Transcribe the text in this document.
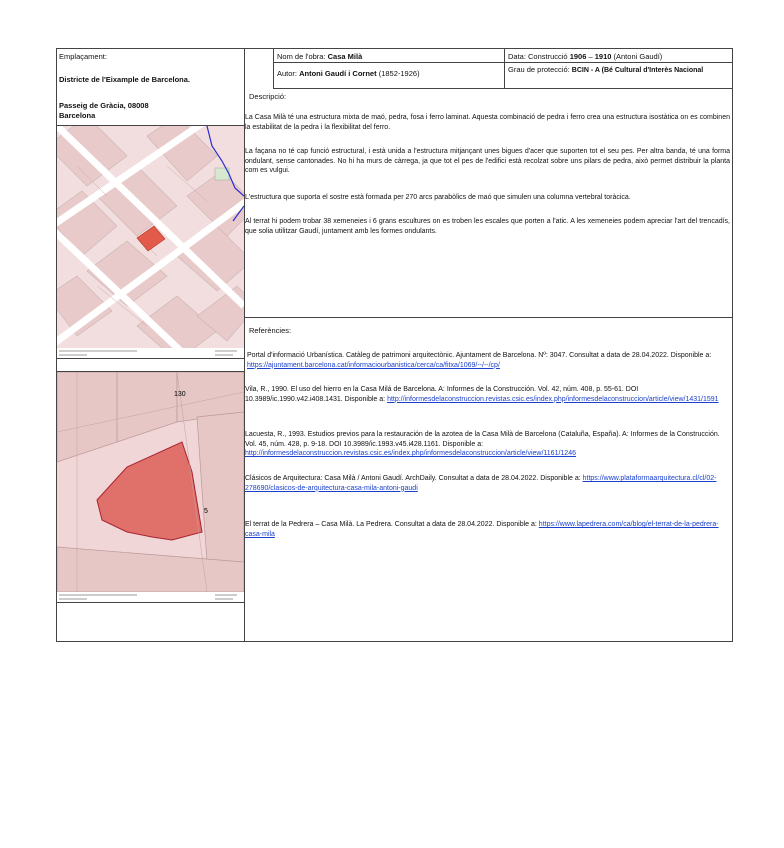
Emplaçament:
Districte de l'Eixample de Barcelona.
Passeig de Gràcia, 08008
Barcelona
130
5
Nom de l'obra: Casa Milà	Data: Construcció 1906 – 1910 (Antoni Gaudí)
Autor: Antoni Gaudí i Cornet (1852-1926)	Grau de protecció: BCIN - A (Bé Cultural d'Interès Nacional
Descripció:
La Casa Milà té una estructura mixta de maó, pedra, fosa i ferro laminat. Aquesta combinació de pedra i ferro crea una estructura isostàtica on es combinen la estabilitat de la pedra i la flexibilitat del ferro.
La façana no té cap funció estructural, i està unida a l'estructura mitjançant unes bigues d'acer que suporten tot el seu pes. Per altra banda, té una forma ondulant, sense cantonades. No hi ha murs de càrrega, ja que tot el pes de l'edifici està recolzat sobre uns pilars de pedra, això permet distribuir la planta com es vulgui.
L'estructura que suporta el sostre està formada per 270 arcs parabòlics de maó que simulen una columna vertebral toràcica.
Al terrat hi podem trobar 38 xemeneies i 6 grans escultures on es troben les escales que porten a l'atic. A les xemeneies podem apreciar l'art del trencadís, que solia utilitzar Gaudí, juntament amb les formes ondulants.
Referències:
Portal d'informació Urbanística. Catàleg de patrimoni arquitectònic. Ajuntament de Barcelona. Nº: 3047. Consultat a data de 28.04.2022. Disponible a: https://ajuntament.barcelona.cat/informaciourbanistica/cerca/ca/fitxa/1069/--/--/cp/
Vila, R., 1990. El uso del hierro en la Casa Milá de Barcelona. A: Informes de la Construcción. Vol. 42, núm. 408, p. 55-61. DOI 10.3989/ic.1990.v42.i408.1431. Disponible a: http://informesdelaconstruccion.revistas.csic.es/index.php/informesdelaconstruccion/article/view/1431/1591
Lacuesta, R., 1993. Estudios previos para la restauración de la azotea de la Casa Milà de Barcelona (Cataluña, España). A: Informes de la Construcción. Vol. 45, núm. 428, p. 9-18. DOI 10.3989/ic.1993.v45.i428.1161. Disponible a: http://informesdelaconstruccion.revistas.csic.es/index.php/informesdelaconstruccion/article/view/1161/1246
Clásicos de Arquitectura: Casa Milà / Antoni Gaudí. ArchDaily. Consultat a data de 28.04.2022. Disponible a: https://www.plataformaarquitectura.cl/cl/02-278690/clasicos-de-arquitectura-casa-mila-antoni-gaudi
El terrat de la Pedrera – Casa Milà. La Pedrera. Consultat a data de 28.04.2022. Disponible a: https://www.lapedrera.com/ca/blog/el-terrat-de-la-pedrera-casa-mila
